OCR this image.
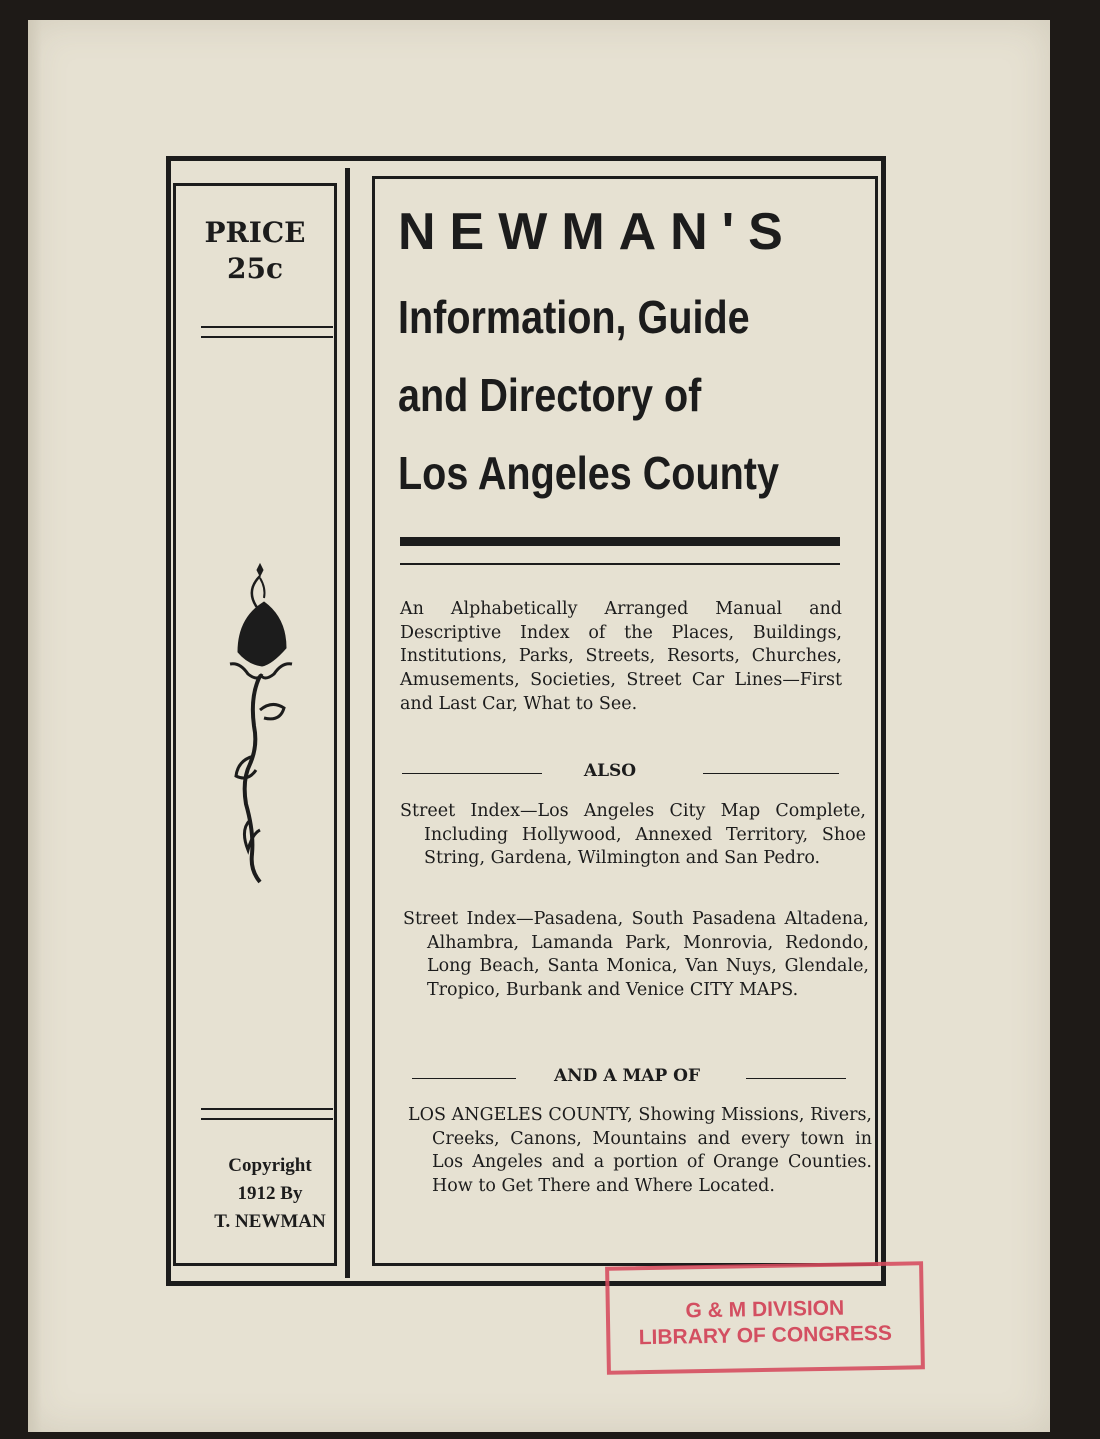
PRICE
25c
Copyright
1912 By
T. NEWMAN
NEWMAN'S
Information, Guide
and Directory of
Los Angeles County
An Alphabetically Arranged Manual and Descriptive Index of the Places, Buildings, Institutions, Parks, Streets, Resorts, Churches, Amusements, Societies, Street Car Lines—First and Last Car, What to See.
ALSO
Street Index—Los Angeles City Map Complete, Including Hollywood, Annexed Territory, Shoe String, Gardena, Wilmington and San Pedro.
Street Index—Pasadena, South Pasadena Altadena, Alhambra, Lamanda Park, Monrovia, Redondo, Long Beach, Santa Monica, Van Nuys, Glendale, Tropico, Burbank and Venice CITY MAPS.
AND A MAP OF
LOS ANGELES COUNTY, Showing Missions, Rivers, Creeks, Canons, Mountains and every town in Los Angeles and a portion of Orange Counties. How to Get There and Where Located.
G & M DIVISION
LIBRARY OF CONGRESS
